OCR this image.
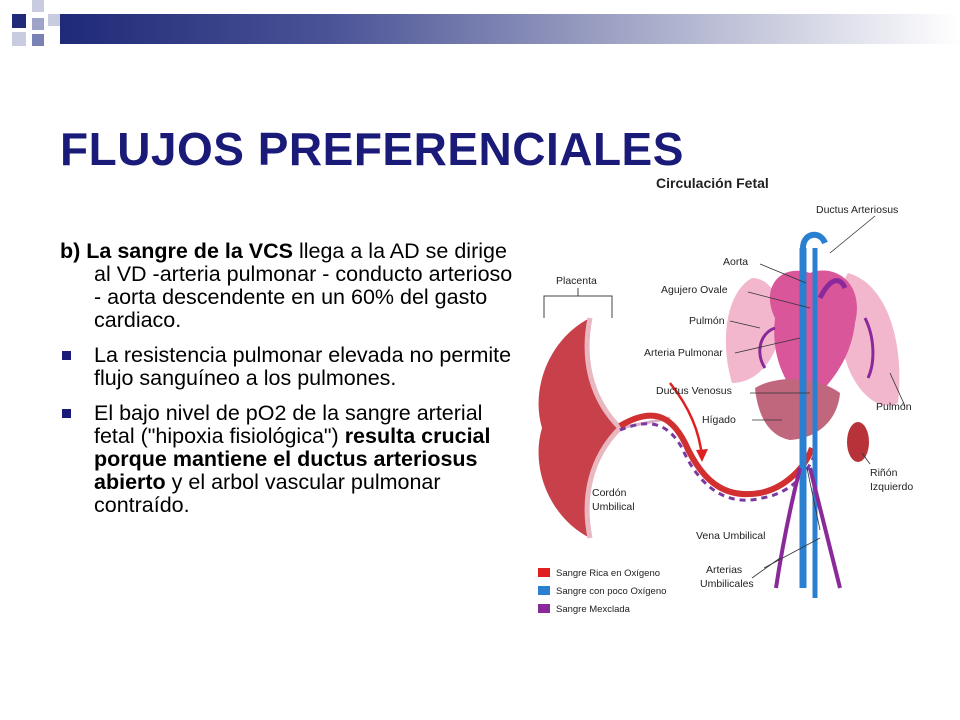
FLUJOS PREFERENCIALES

b) La sangre de la VCS llega a la AD se dirige al VD -arteria pulmonar - conducto arterioso - aorta descendente en un 60% del gasto cardiaco.

La resistencia pulmonar elevada no permite flujo sanguíneo a los pulmones.
El bajo nivel de pO2 de la sangre arterial fetal ("hipoxia fisiológica") resulta crucial porque mantiene el ductus arteriosus abierto y el arbol vascular pulmonar contraído.
Circulación Fetal
Placenta
Ductus Arteriosus
Aorta
Agujero Ovale
Pulmón
Arteria Pulmonar
Ductus Venosus
Hígado
Pulmón
Riñón
Izquierdo
Cordón
Umbilical
Vena Umbilical
Arterias
Umbilicales
Sangre Rica en Oxígeno
Sangre con poco Oxígeno
Sangre Mexclada
